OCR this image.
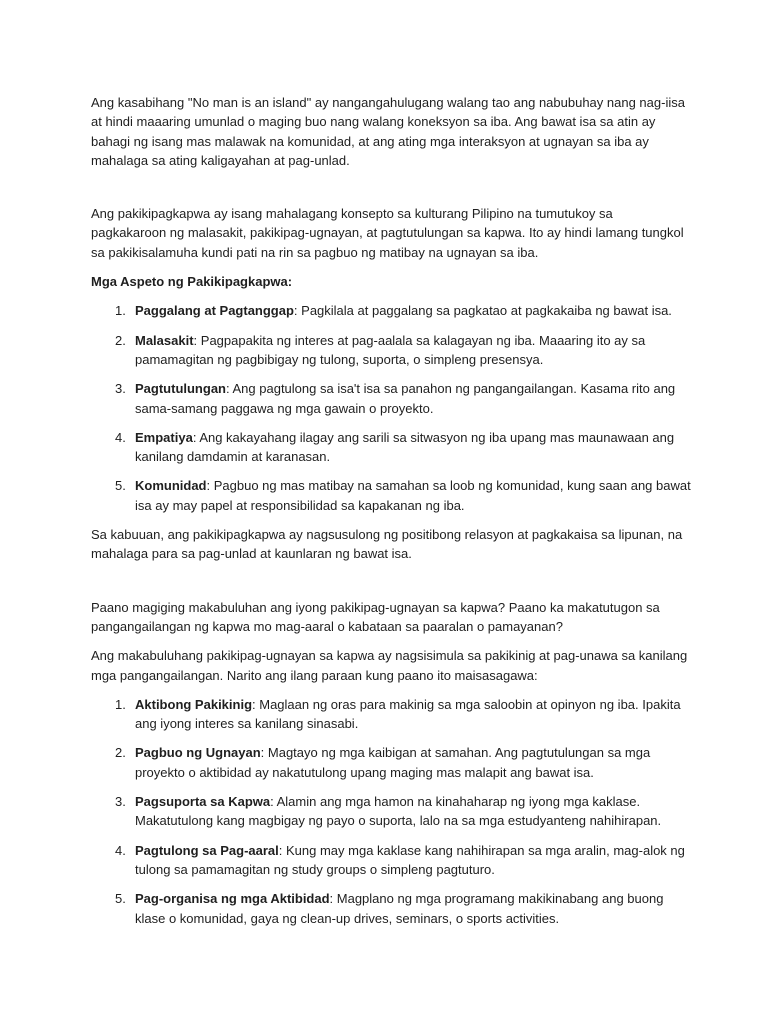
Ang kasabihang "No man is an island" ay nangangahulugang walang tao ang nabubuhay nang nag-iisa at hindi maaaring umunlad o maging buo nang walang koneksyon sa iba. Ang bawat isa sa atin ay bahagi ng isang mas malawak na komunidad, at ang ating mga interaksyon at ugnayan sa iba ay mahalaga sa ating kaligayahan at pag-unlad.

Ang pakikipagkapwa ay isang mahalagang konsepto sa kulturang Pilipino na tumutukoy sa pagkakaroon ng malasakit, pakikipag-ugnayan, at pagtutulungan sa kapwa. Ito ay hindi lamang tungkol sa pakikisalamuha kundi pati na rin sa pagbuo ng matibay na ugnayan sa iba.

Mga Aspeto ng Pakikipagkapwa:

1. Paggalang at Pagtanggap: Pagkilala at paggalang sa pagkatao at pagkakaiba ng bawat isa.
2. Malasakit: Pagpapakita ng interes at pag-aalala sa kalagayan ng iba. Maaaring ito ay sa pamamagitan ng pagbibigay ng tulong, suporta, o simpleng presensya.
3. Pagtutulungan: Ang pagtulong sa isa't isa sa panahon ng pangangailangan. Kasama rito ang sama-samang paggawa ng mga gawain o proyekto.
4. Empatiya: Ang kakayahang ilagay ang sarili sa sitwasyon ng iba upang mas maunawaan ang kanilang damdamin at karanasan.
5. Komunidad: Pagbuo ng mas matibay na samahan sa loob ng komunidad, kung saan ang bawat isa ay may papel at responsibilidad sa kapakanan ng iba.

Sa kabuuan, ang pakikipagkapwa ay nagsusulong ng positibong relasyon at pagkakaisa sa lipunan, na mahalaga para sa pag-unlad at kaunlaran ng bawat isa.

Paano magiging makabuluhan ang iyong pakikipag-ugnayan sa kapwa? Paano ka makatutugon sa pangangailangan ng kapwa mo mag-aaral o kabataan sa paaralan o pamayanan?

Ang makabuluhang pakikipag-ugnayan sa kapwa ay nagsisimula sa pakikinig at pag-unawa sa kanilang mga pangangailangan. Narito ang ilang paraan kung paano ito maisasagawa:

1. Aktibong Pakikinig: Maglaan ng oras para makinig sa mga saloobin at opinyon ng iba. Ipakita ang iyong interes sa kanilang sinasabi.
2. Pagbuo ng Ugnayan: Magtayo ng mga kaibigan at samahan. Ang pagtutulungan sa mga proyekto o aktibidad ay nakatutulong upang maging mas malapit ang bawat isa.
3. Pagsuporta sa Kapwa: Alamin ang mga hamon na kinahaharap ng iyong mga kaklase. Makatutulong kang magbigay ng payo o suporta, lalo na sa mga estudyanteng nahihirapan.
4. Pagtulong sa Pag-aaral: Kung may mga kaklase kang nahihirapan sa mga aralin, mag-alok ng tulong sa pamamagitan ng study groups o simpleng pagtuturo.
5. Pag-organisa ng mga Aktibidad: Magplano ng mga programang makikinabang ang buong klase o komunidad, gaya ng clean-up drives, seminars, o sports activities.
